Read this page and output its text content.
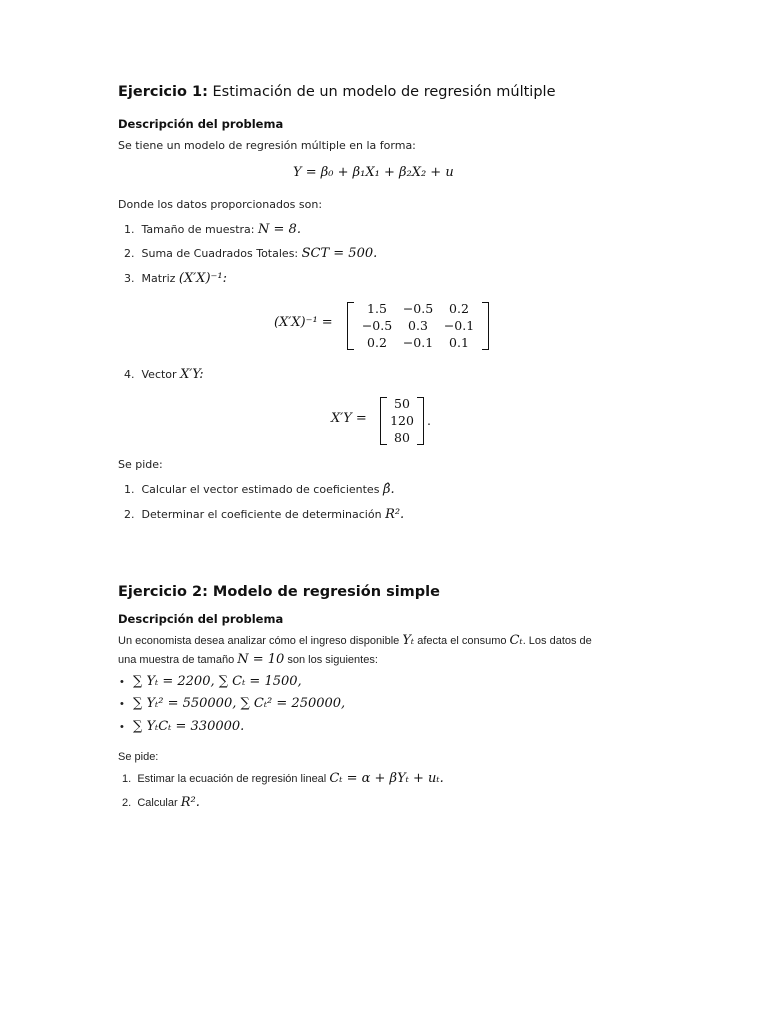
Ejercicio 1: Estimación de un modelo de regresión múltiple
Descripción del problema
Se tiene un modelo de regresión múltiple en la forma:
Y = β₀ + β₁X₁ + β₂X₂ + u
Donde los datos proporcionados son:
1. Tamaño de muestra: N = 8.
2. Suma de Cuadrados Totales: SCT = 500.
3. Matriz (X′X)⁻¹:
(X′X)⁻¹ =
1.5	−0.5	0.2
−0.5	0.3	−0.1
0.2	−0.1	0.1
4. Vector X′Y:
X′Y =
50
120
80
.
Se pide:
1. Calcular el vector estimado de coeficientes β̂.
2. Determinar el coeficiente de determinación R².
Ejercicio 2: Modelo de regresión simple
Descripción del problema
Un economista desea analizar cómo el ingreso disponible Yₜ afecta el consumo Cₜ. Los datos de
una muestra de tamaño N = 10 son los siguientes:
• ∑ Yₜ = 2200, ∑ Cₜ = 1500,
• ∑ Yₜ² = 550000, ∑ Cₜ² = 250000,
• ∑ YₜCₜ = 330000.
Se pide:
1. Estimar la ecuación de regresión lineal Cₜ = α + βYₜ + uₜ.
2. Calcular R².
